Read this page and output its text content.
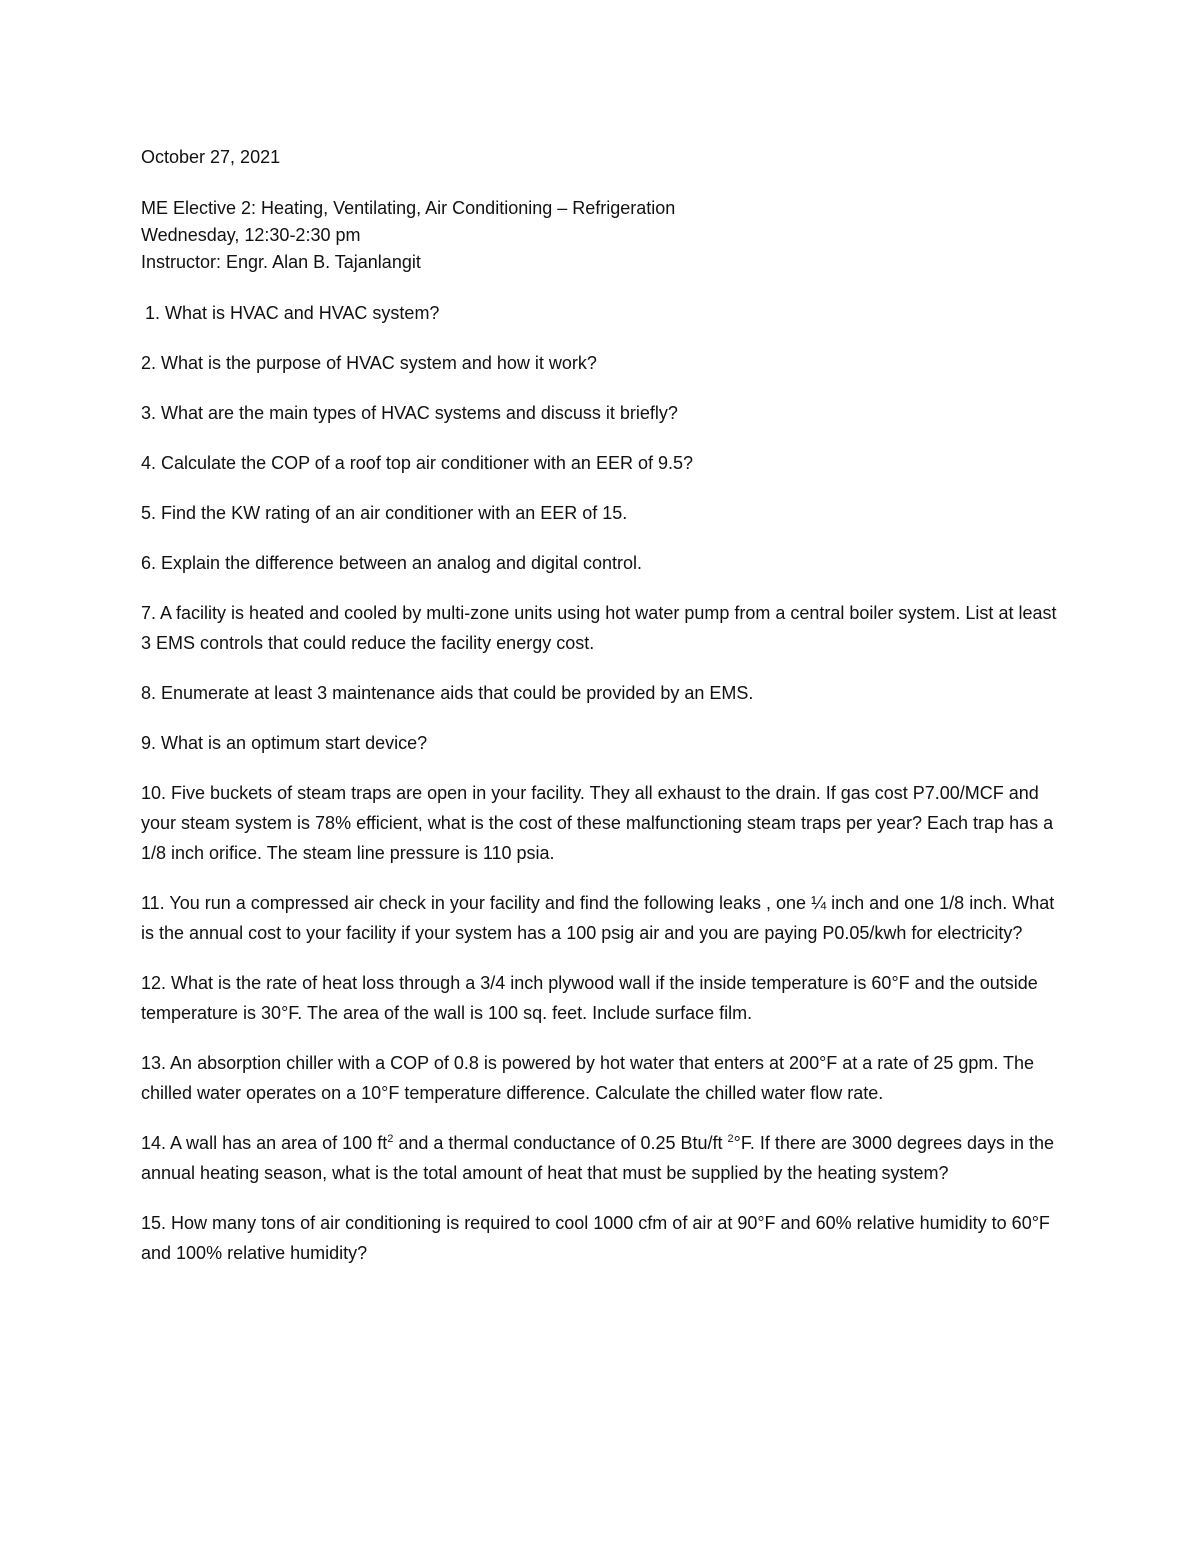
October 27, 2021

ME Elective 2: Heating, Ventilating, Air Conditioning – Refrigeration

Wednesday, 12:30-2:30 pm

Instructor: Engr. Alan B. Tajanlangit

1. What is HVAC and HVAC system?

2. What is the purpose of HVAC system and how it work?

3. What are the main types of HVAC systems and discuss it briefly?

4. Calculate the COP of a roof top air conditioner with an EER of 9.5?

5. Find the KW rating of an air conditioner with an EER of 15.

6. Explain the difference between an analog and digital control.

7. A facility is heated and cooled by multi-zone units using hot water pump from a central boiler system. List at least 3 EMS controls that could reduce the facility energy cost.

8. Enumerate at least 3 maintenance aids that could be provided by an EMS.

9. What is an optimum start device?

10. Five buckets of steam traps are open in your facility. They all exhaust to the drain. If gas cost P7.00/MCF and your steam system is 78% efficient, what is the cost of these malfunctioning steam traps per year? Each trap has a 1/8 inch orifice. The steam line pressure is 110 psia.

11. You run a compressed air check in your facility and find the following leaks , one ¼ inch and one 1/8 inch. What is the annual cost to your facility if your system has a 100 psig air and you are paying P0.05/kwh for electricity?

12. What is the rate of heat loss through a 3/4 inch plywood wall if the inside temperature is 60°F and the outside temperature is 30°F. The area of the wall is 100 sq. feet. Include surface film.

13. An absorption chiller with a COP of 0.8 is powered by hot water that enters at 200°F at a rate of 25 gpm. The chilled water operates on a 10°F temperature difference. Calculate the chilled water flow rate.

14. A wall has an area of 100 $ft^2$ and a thermal conductance of 0.25 Btu/ft $^2$°F. If there are 3000 degrees days in the annual heating season, what is the total amount of heat that must be supplied by the heating system?

15. How many tons of air conditioning is required to cool 1000 cfm of air at 90°F and 60% relative humidity to 60°F and 100% relative humidity?
